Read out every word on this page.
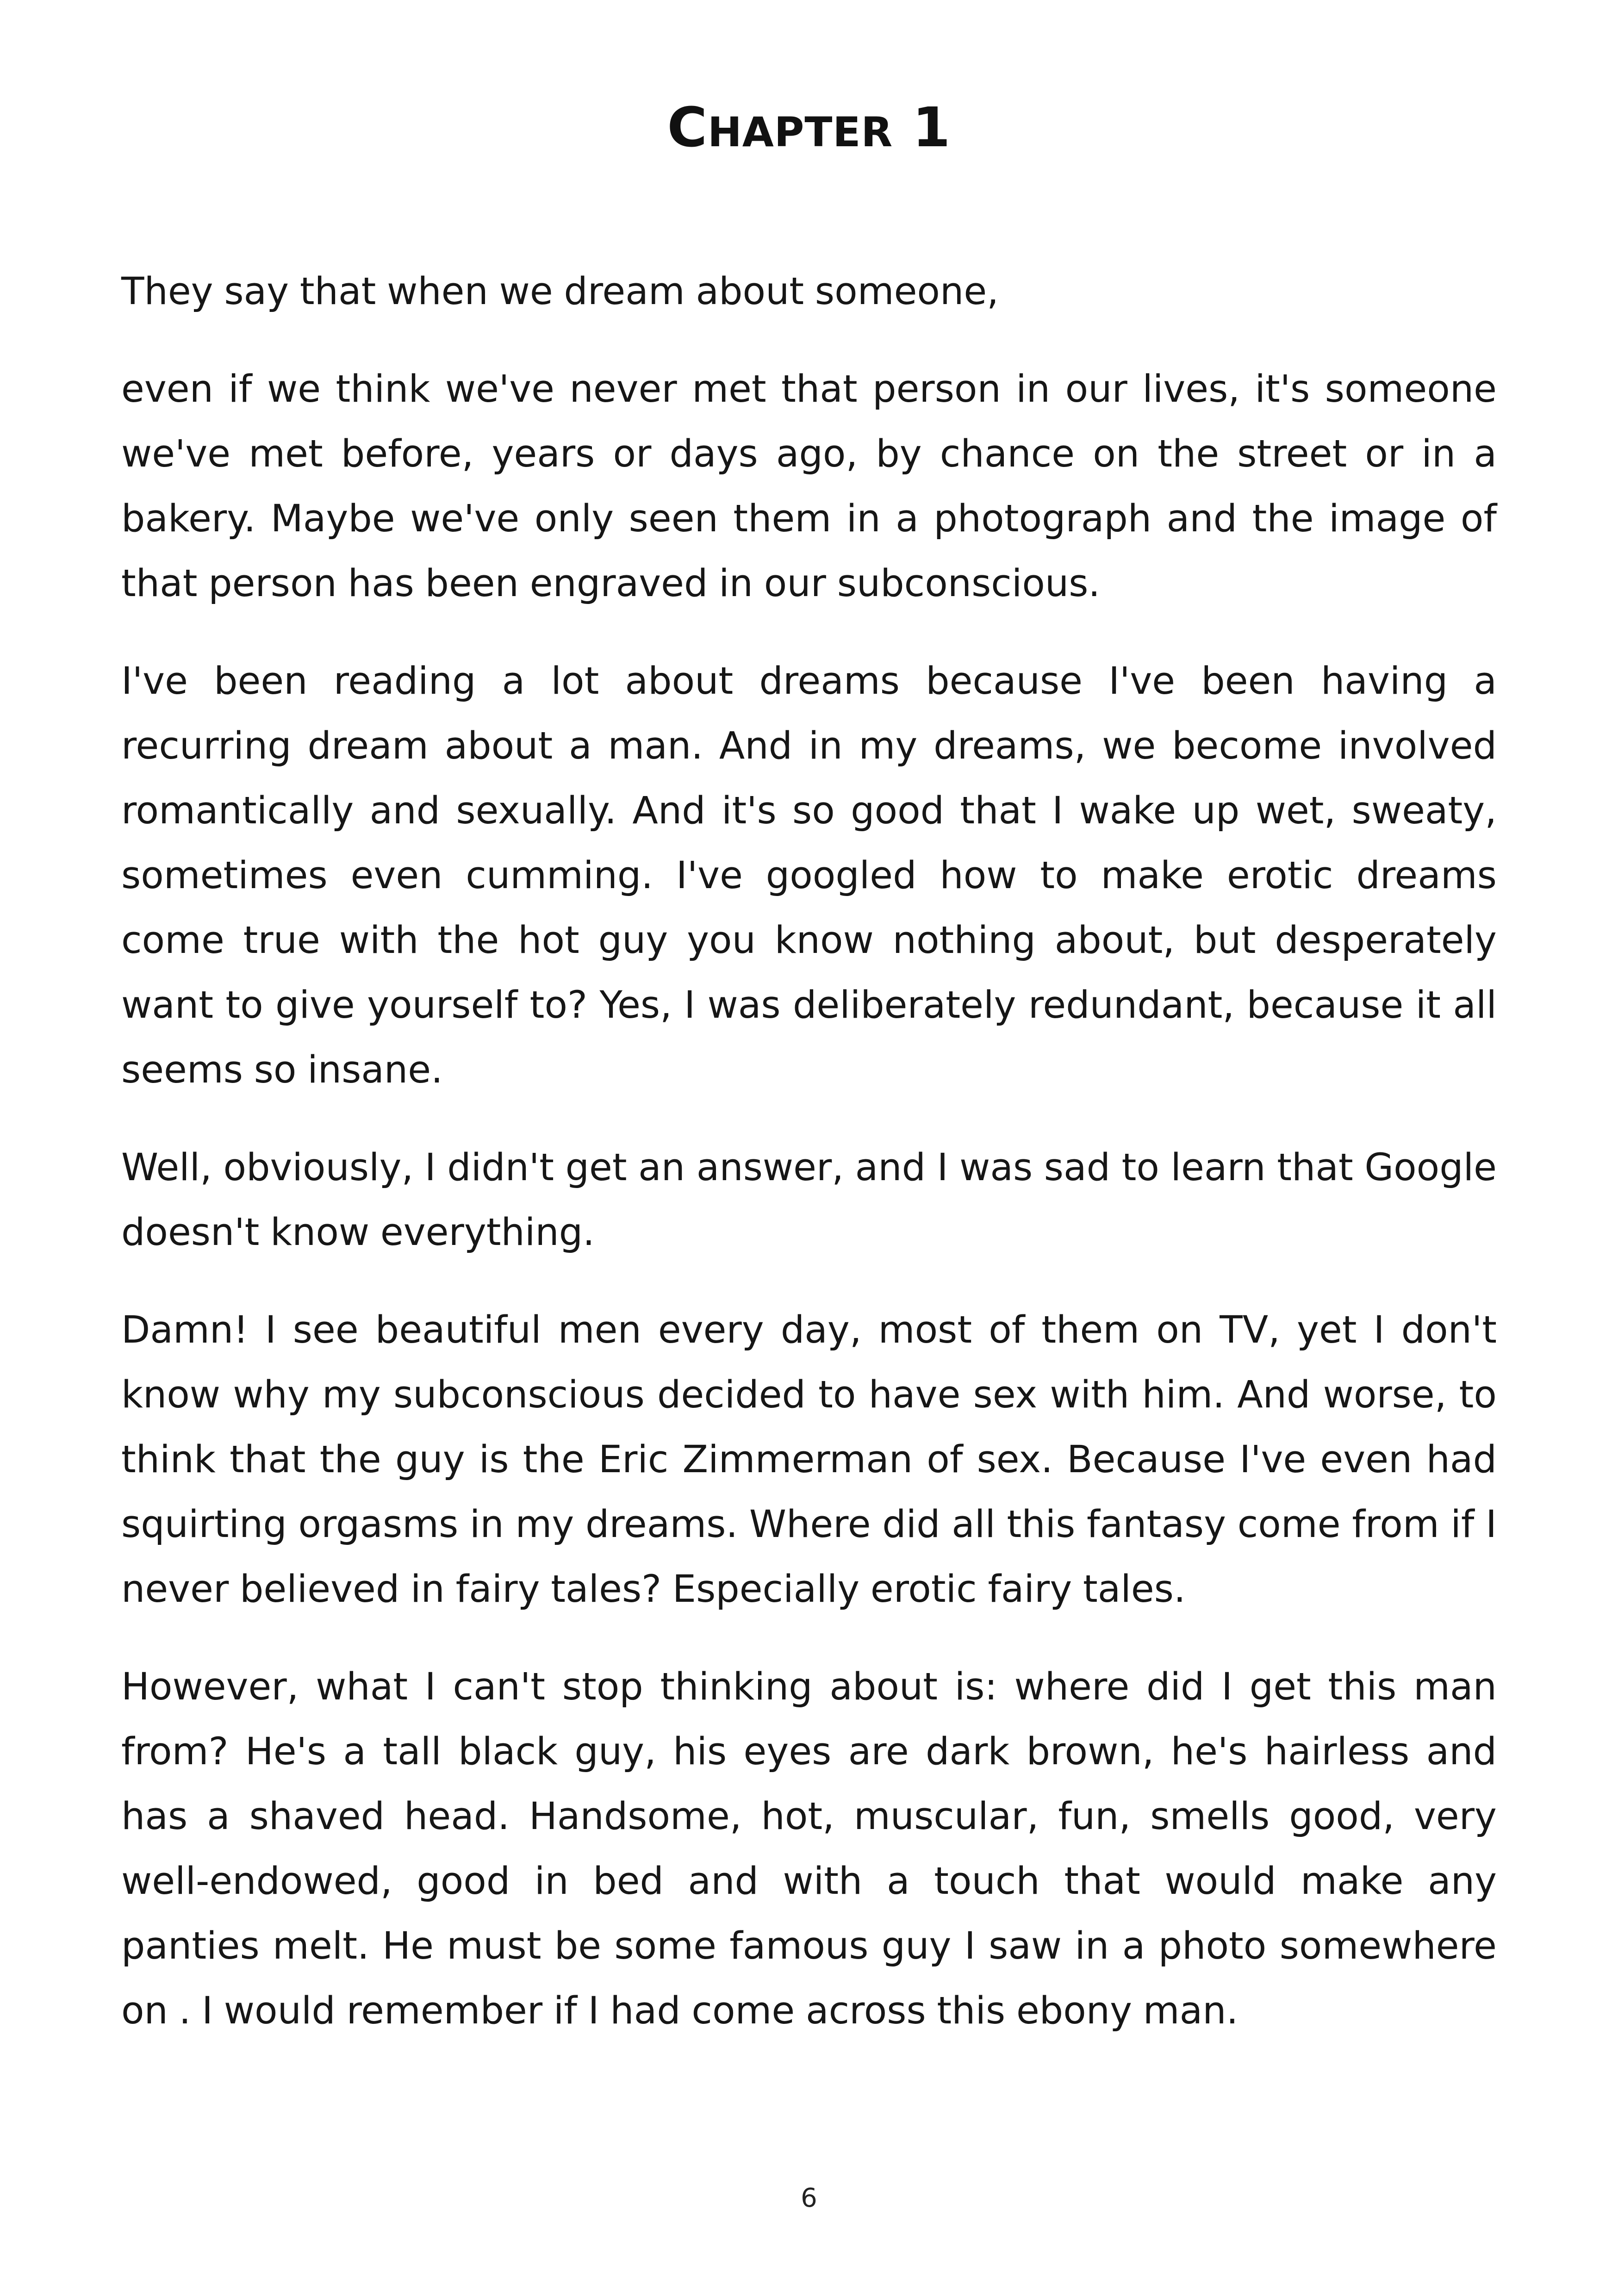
CHAPTER 1

They say that when we dream about someone,

even if we think we've never met that person in our lives, it's someone we've met before, years or days ago, by chance on the street or in a bakery. Maybe we've only seen them in a photograph and the image of that person has been engraved in our subconscious.

I've been reading a lot about dreams because I've been having a recurring dream about a man. And in my dreams, we become involved romantically and sexually. And it's so good that I wake up wet, sweaty, sometimes even cumming. I've googled how to make erotic dreams come true with the hot guy you know nothing about, but desperately want to give yourself to? Yes, I was deliberately redundant, because it all seems so insane.

Well, obviously, I didn't get an answer, and I was sad to learn that Google doesn't know everything.

Damn! I see beautiful men every day, most of them on TV, yet I don't know why my subconscious decided to have sex with him. And worse, to think that the guy is the Eric Zimmerman of sex. Because I've even had squirting orgasms in my dreams. Where did all this fantasy come from if I never believed in fairy tales? Especially erotic fairy tales.

However, what I can't stop thinking about is: where did I get this man from? He's a tall black guy, his eyes are dark brown, he's hairless and has a shaved head. Handsome, hot, muscular, fun, smells good, very well-endowed, good in bed and with a touch that would make any panties melt. He must be some famous guy I saw in a photo somewhere on . I would remember if I had come across this ebony man.

6
